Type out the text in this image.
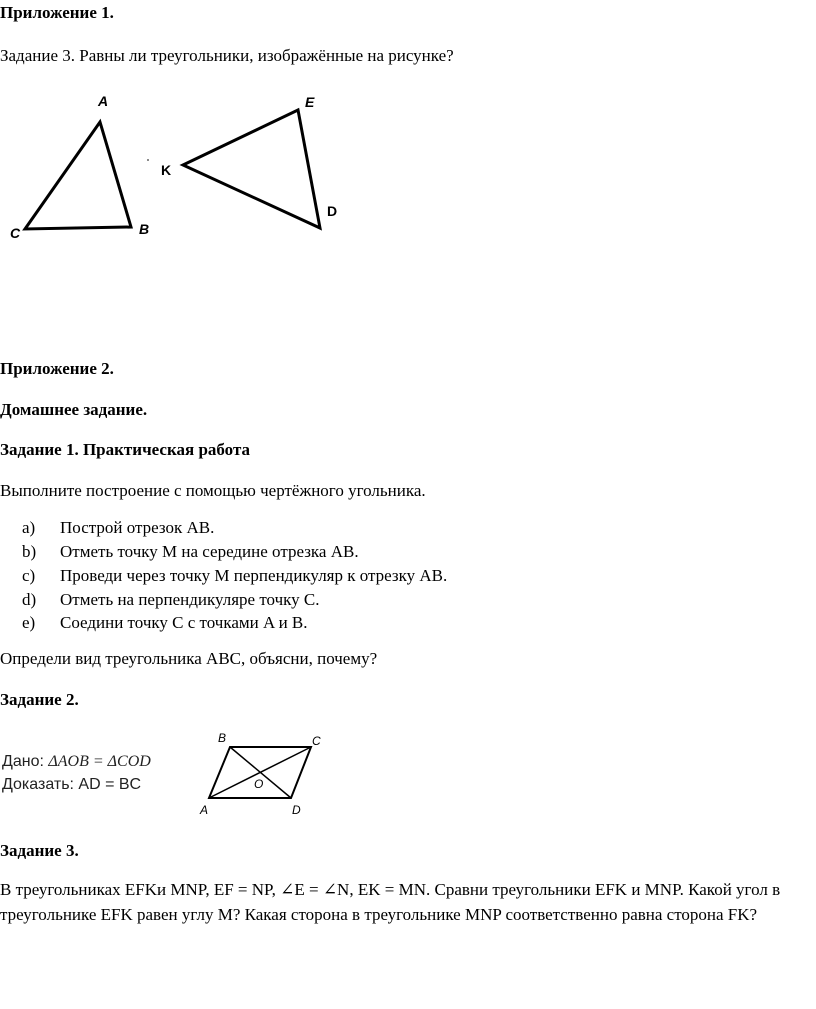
Приложение 1.
Задание 3. Равны ли треугольники, изображённые на рисунке?
A
B
C
E
K
D
Приложение 2.
Домашнее задание.
Задание 1. Практическая работа
Выполните построение с помощью чертёжного угольника.
a) Построй отрезок AB.
b) Отметь точку M на середине отрезка AB.
c) Проведи через точку M перпендикуляр к отрезку AB.
d) Отметь на перпендикуляре точку C.
e) Соедини точку C с точками A и B.
Определи вид треугольника ABC, объясни, почему?
Задание 2.
Дано: ΔAOB = ΔCOD
Доказать: AD = BC
B	C
O
A	D
Задание 3.
В треугольниках EFKи MNP, EF = NP, ∠E = ∠N, EK = MN. Сравни треугольники EFK и MNP. Какой угол в треугольнике EFK равен углу M? Какая сторона в треугольнике MNP соответственно равна сторона FK?
